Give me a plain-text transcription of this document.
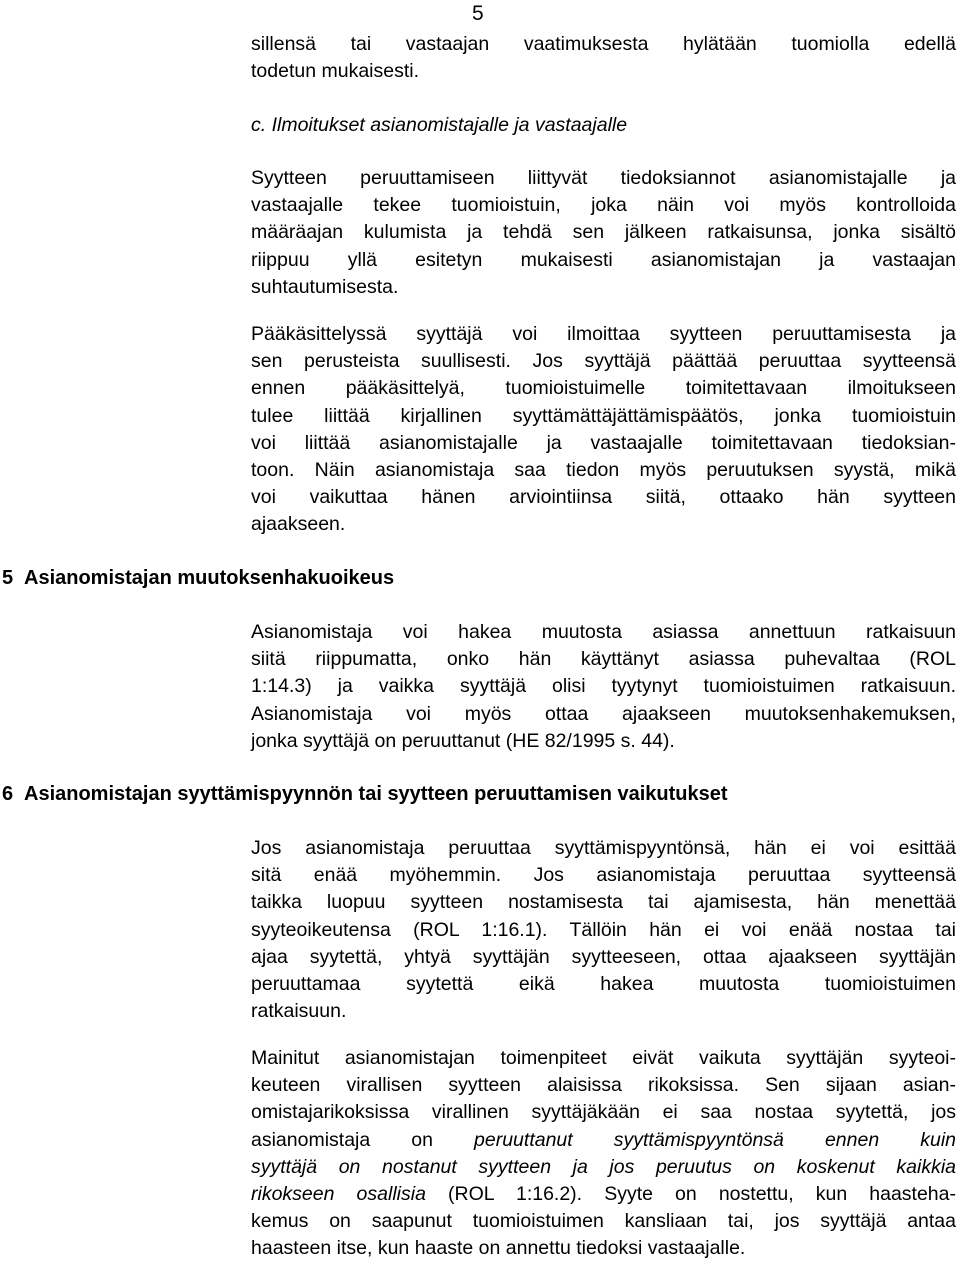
5
sillensä tai vastaajan vaatimuksesta hylätään tuomiolla edellä
todetun mukaisesti.
c. Ilmoitukset asianomistajalle ja vastaajalle
Syytteen peruuttamiseen liittyvät tiedoksiannot asianomistajalle ja
vastaajalle tekee tuomioistuin, joka näin voi myös kontrolloida
määräajan kulumista ja tehdä sen jälkeen ratkaisunsa, jonka sisältö
riippuu yllä esitetyn mukaisesti asianomistajan ja vastaajan
suhtautumisesta.
Pääkäsittelyssä syyttäjä voi ilmoittaa syytteen peruuttamisesta ja
sen perusteista suullisesti. Jos syyttäjä päättää peruuttaa syytteensä
ennen pääkäsittelyä, tuomioistuimelle toimitettavaan ilmoitukseen
tulee liittää kirjallinen syyttämättäjättämispäätös, jonka tuomioistuin
voi liittää asianomistajalle ja vastaajalle toimitettavaan tiedoksian-
toon. Näin asianomistaja saa tiedon myös peruutuksen syystä, mikä
voi vaikuttaa hänen arviointiinsa siitä, ottaako hän syytteen
ajaakseen.
5 Asianomistajan muutoksenhakuoikeus
Asianomistaja voi hakea muutosta asiassa annettuun ratkaisuun
siitä riippumatta, onko hän käyttänyt asiassa puhevaltaa (ROL
1:14.3) ja vaikka syyttäjä olisi tyytynyt tuomioistuimen ratkaisuun.
Asianomistaja voi myös ottaa ajaakseen muutoksenhakemuksen,
jonka syyttäjä on peruuttanut (HE 82/1995 s. 44).
6 Asianomistajan syyttämispyynnön tai syytteen peruuttamisen vaikutukset
Jos asianomistaja peruuttaa syyttämispyyntönsä, hän ei voi esittää
sitä enää myöhemmin. Jos asianomistaja peruuttaa syytteensä
taikka luopuu syytteen nostamisesta tai ajamisesta, hän menettää
syyteoikeutensa (ROL 1:16.1). Tällöin hän ei voi enää nostaa tai
ajaa syytettä, yhtyä syyttäjän syytteeseen, ottaa ajaakseen syyttäjän
peruuttamaa syytettä eikä hakea muutosta tuomioistuimen
ratkaisuun.
Mainitut asianomistajan toimenpiteet eivät vaikuta syyttäjän syyteoi-
keuteen virallisen syytteen alaisissa rikoksissa. Sen sijaan asian-
omistajarikoksissa virallinen syyttäjäkään ei saa nostaa syytettä, jos
asianomistaja on peruuttanut syyttämispyyntönsä ennen kuin
syyttäjä on nostanut syytteen ja jos peruutus on koskenut kaikkia
rikokseen osallisia (ROL 1:16.2). Syyte on nostettu, kun haasteha-
kemus on saapunut tuomioistuimen kansliaan tai, jos syyttäjä antaa
haasteen itse, kun haaste on annettu tiedoksi vastaajalle.
